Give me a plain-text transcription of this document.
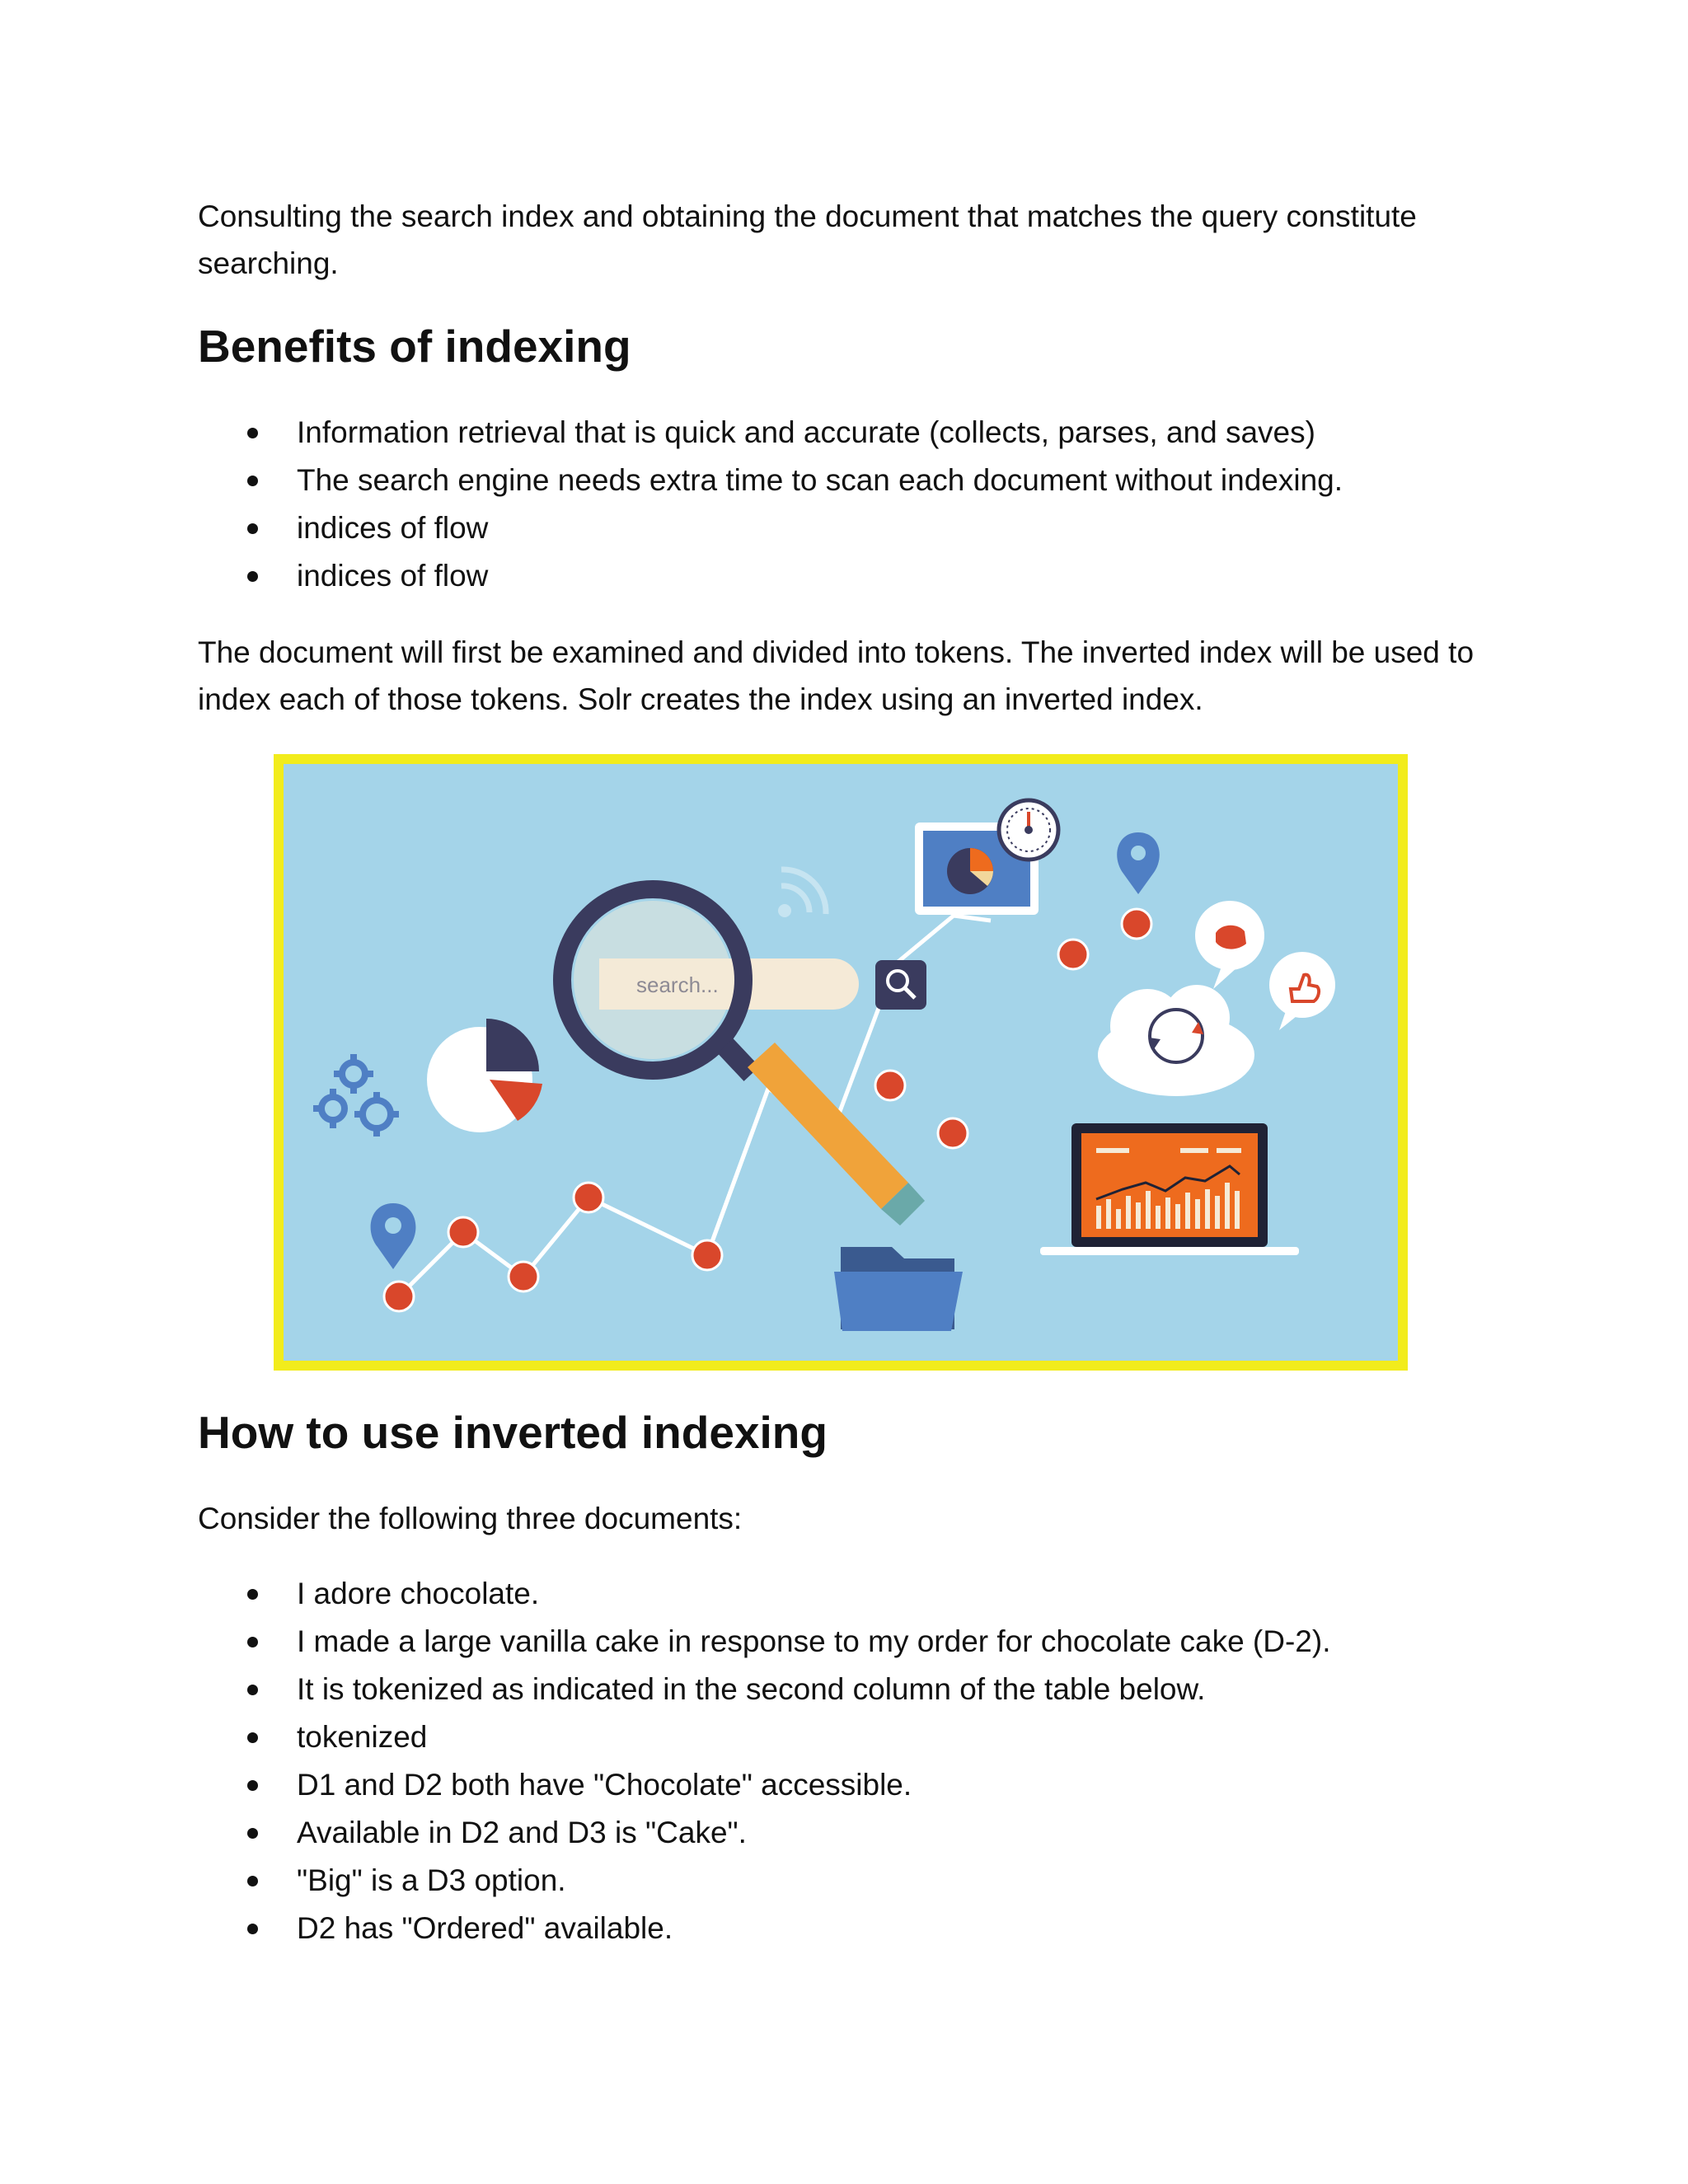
Consulting the search index and obtaining the document that matches the query constitute searching.

Benefits of indexing
Information retrieval that is quick and accurate (collects, parses, and saves)
The search engine needs extra time to scan each document without indexing.
indices of flow
indices of flow

The document will first be examined and divided into tokens. The inverted index will be used to index each of those tokens. Solr creates the index using an inverted index.

search...
How to use inverted indexing

Consider the following three documents:

I adore chocolate.
I made a large vanilla cake in response to my order for chocolate cake (D-2).
It is tokenized as indicated in the second column of the table below.
tokenized
D1 and D2 both have "Chocolate" accessible.
Available in D2 and D3 is "Cake".
"Big" is a D3 option.
D2 has "Ordered" available.
